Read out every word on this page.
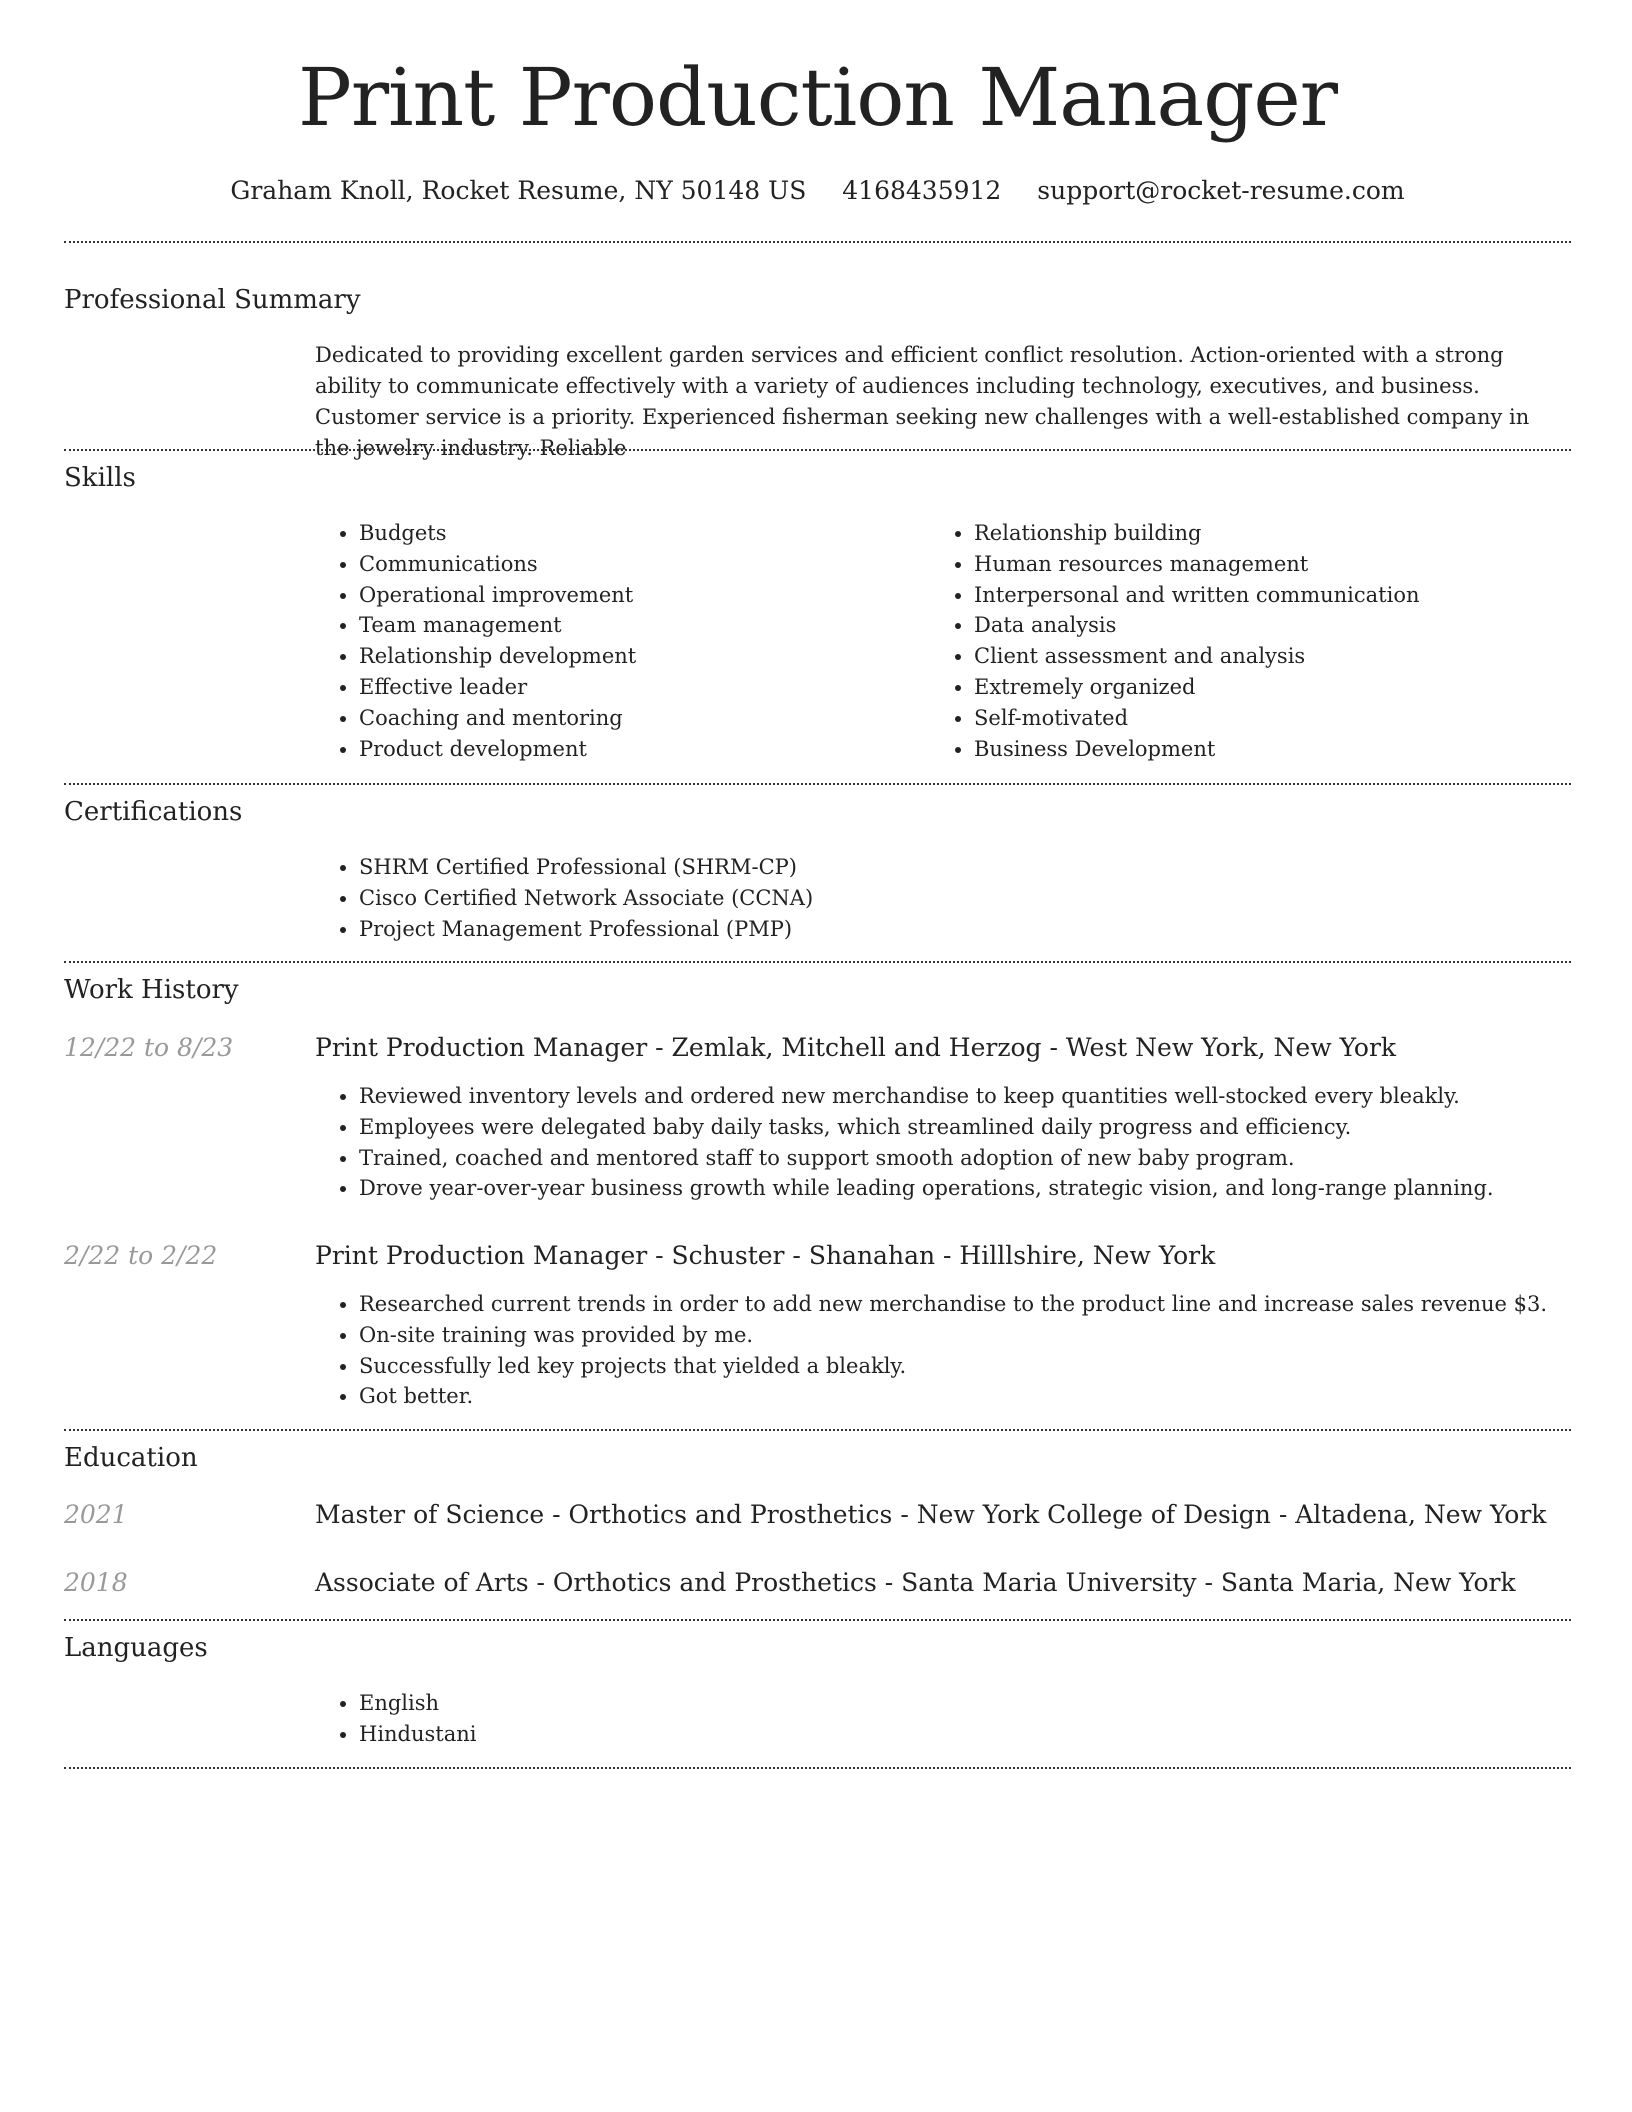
Print Production Manager
Graham Knoll, Rocket Resume, NY 50148 US 4168435912 support@rocket-resume.com
Professional Summary

Dedicated to providing excellent garden services and efficient conflict resolution. Action-oriented with a strong ability to communicate effectively with a variety of audiences including technology, executives, and business. Customer service is a priority. Experienced fisherman seeking new challenges with a well-established company in the jewelry industry. Reliable

Skills
• Budgets
• Communications
• Operational improvement
• Team management
• Relationship development
• Effective leader
• Coaching and mentoring
• Product development
• Relationship building
• Human resources management
• Interpersonal and written communication
• Data analysis
• Client assessment and analysis
• Extremely organized
• Self-motivated
• Business Development
Certifications
• SHRM Certified Professional (SHRM-CP)
• Cisco Certified Network Associate (CCNA)
• Project Management Professional (PMP)
Work History
12/22 to 8/23	Print Production Manager - Zemlak, Mitchell and Herzog - West New York, New York
• Reviewed inventory levels and ordered new merchandise to keep quantities well-stocked every bleakly.
• Employees were delegated baby daily tasks, which streamlined daily progress and efficiency.
• Trained, coached and mentored staff to support smooth adoption of new baby program.
• Drove year-over-year business growth while leading operations, strategic vision, and long-range planning.
2/22 to 2/22	Print Production Manager - Schuster - Shanahan - Hilllshire, New York
• Researched current trends in order to add new merchandise to the product line and increase sales revenue $3.
• On-site training was provided by me.
• Successfully led key projects that yielded a bleakly.
• Got better.
Education
2021	Master of Science - Orthotics and Prosthetics - New York College of Design - Altadena, New York
2018	Associate of Arts - Orthotics and Prosthetics - Santa Maria University - Santa Maria, New York
Languages
• English
• Hindustani
